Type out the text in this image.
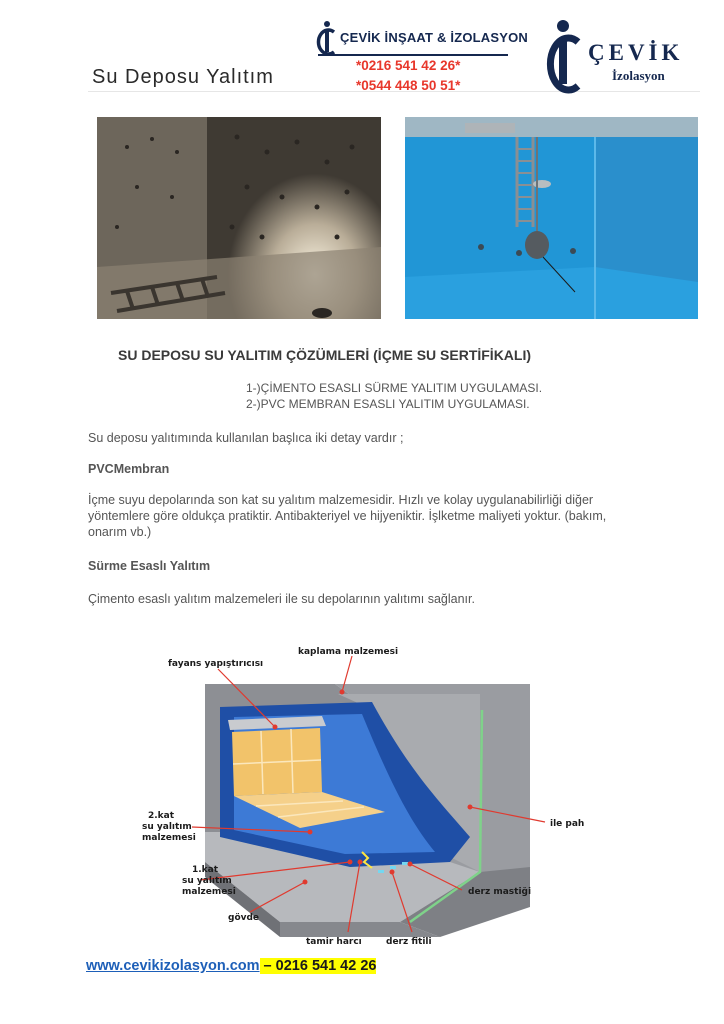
Su Deposu Yalıtım
ÇEVİK İNŞAAT & İZOLASYON
*0216 541 42 26*
*0544 448 50 51*
ÇEVİK
İzolasyon
SU DEPOSU SU YALITIM ÇÖZÜMLERİ (İÇME SU SERTİFİKALI)
1-)ÇİMENTO ESASLI SÜRME YALITIM UYGULAMASI.
2-)PVC MEMBRAN ESASLI YALITIM UYGULAMASI.
Su deposu yalıtımında kullanılan başlıca iki detay vardır ;
PVCMembran
İçme suyu depolarında son kat su yalıtım malzemesidir. Hızlı ve kolay uygulanabilirliği diğer yöntemlere göre oldukça pratiktir. Antibakteriyel ve hijyeniktir. İşlketme maliyeti yoktur. (bakım, onarım vb.)
Sürme Esaslı Yalıtım
Çimento esaslı yalıtım malzemeleri ile su depolarının yalıtımı sağlanır.
fayans yapıştırıcısı
kaplama malzemesi
2.kat
su yalıtım
malzemesi
1.kat
su yalıtım
malzemesi
gövde
tamir harcı	derz fitili
derz mastiği
ile pah
www.cevikizolasyon.com – 0216 541 42 26
